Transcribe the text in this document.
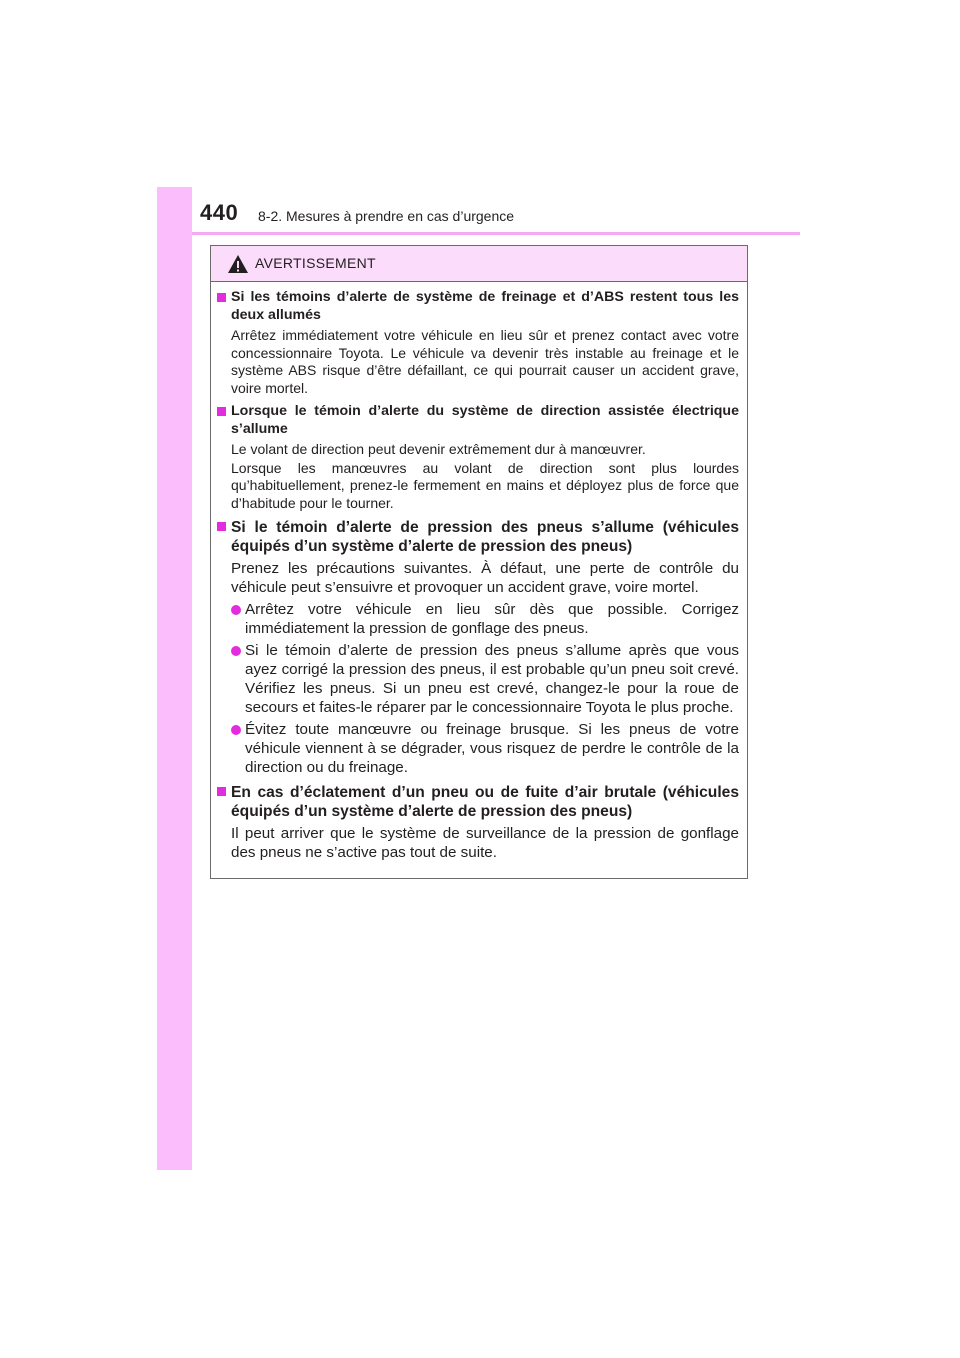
440 8-2. Mesures à prendre en cas d’urgence
AVERTISSEMENT
Si les témoins d’alerte de système de freinage et d’ABS restent tous les deux allumés
Arrêtez immédiatement votre véhicule en lieu sûr et prenez contact avec votre concessionnaire Toyota. Le véhicule va devenir très instable au freinage et le système ABS risque d’être défaillant, ce qui pourrait causer un accident grave, voire mortel.
Lorsque le témoin d’alerte du système de direction assistée électrique s’allume
Le volant de direction peut devenir extrêmement dur à manœuvrer.
Lorsque les manœuvres au volant de direction sont plus lourdes qu’habituellement, prenez-le fermement en mains et déployez plus de force que d’habitude pour le tourner.
Si le témoin d’alerte de pression des pneus s’allume (véhicules équipés d’un système d’alerte de pression des pneus)
Prenez les précautions suivantes. À défaut, une perte de contrôle du véhicule peut s’ensuivre et provoquer un accident grave, voire mortel.
Arrêtez votre véhicule en lieu sûr dès que possible. Corrigez immédiatement la pression de gonflage des pneus.
Si le témoin d’alerte de pression des pneus s’allume après que vous ayez corrigé la pression des pneus, il est probable qu’un pneu soit crevé. Vérifiez les pneus. Si un pneu est crevé, changez-le pour la roue de secours et faites-le réparer par le concessionnaire Toyota le plus proche.
Évitez toute manœuvre ou freinage brusque. Si les pneus de votre véhicule viennent à se dégrader, vous risquez de perdre le contrôle de la direction ou du freinage.
En cas d’éclatement d’un pneu ou de fuite d’air brutale (véhicules équipés d’un système d’alerte de pression des pneus)
Il peut arriver que le système de surveillance de la pression de gonflage des pneus ne s’active pas tout de suite.
